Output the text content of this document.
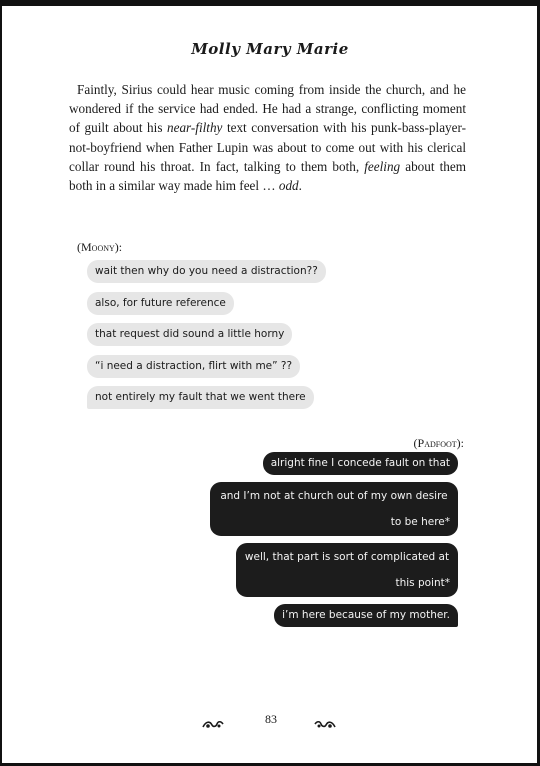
Molly Mary Marie

Faintly, Sirius could hear music coming from inside the church, and he wondered if the service had ended. He had a strange, conflicting moment of guilt about his near-filthy text conversation with his punk-bass-player-not-boyfriend when Father Lupin was about to come out with his clerical collar round his throat. In fact, talking to them both, feeling about them both in a similar way made him feel … odd.

(Moony):
wait then why do you need a distraction??
also, for future reference
that request did sound a little horny
“i need a distraction, flirt with me” ??
not entirely my fault that we went there
(Padfoot):
alright fine I concede fault on that
and I’m not at church out of my own desire
to be here*
well, that part is sort of complicated at
this point*
i’m here because of my mother.
83
